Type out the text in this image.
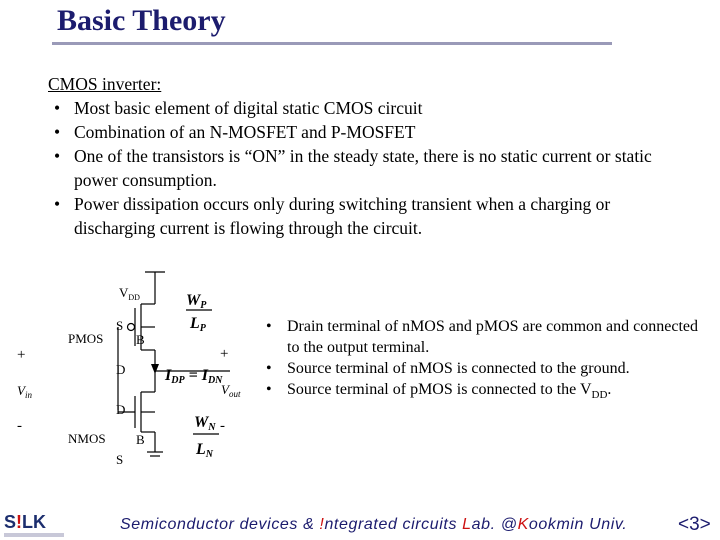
Basic Theory
CMOS inverter:
• Most basic element of digital static CMOS circuit
• Combination of an N-MOSFET and P-MOSFET
• One of the transistors is “ON” in the steady state, there is no static current or static power consumption.
• Power dissipation occurs only during switching transient when a charging or discharging current is flowing through the circuit.
$V_{DD}$
PMOS
S
B
D
NMOS
D
B
S
+
-
$V_{in}$
+
-
$V_{out}$
WP
LP
IDP = IDN
WN
LN
• Drain terminal of nMOS and pMOS are common and connected to the output terminal.
• Source terminal of nMOS is connected to the ground.
• Source terminal of pMOS is connected to the $V_{DD}$.
S!LK	Semiconductor devices & !ntegrated circuits Lab. @Kookmin Univ.	<3>
